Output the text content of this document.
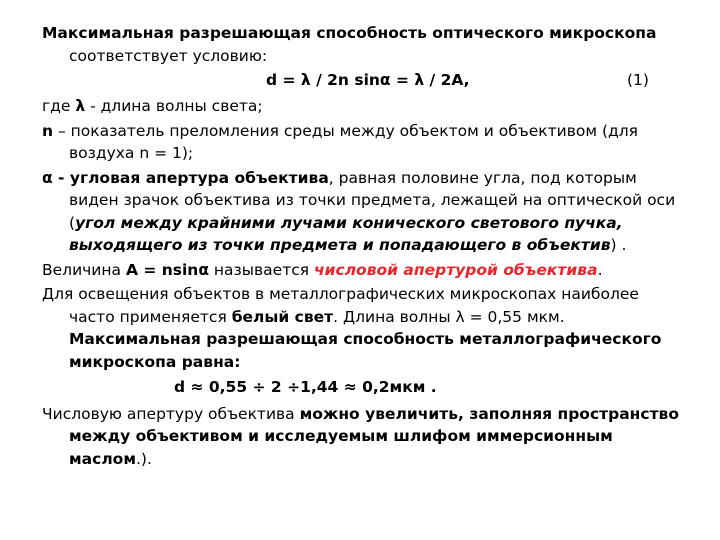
Максимальная разрешающая способность оптического микроскопа соответствует условию:

d = λ / 2n sinα = λ / 2A,	(1)

где λ - длина волны света;

n – показатель преломления среды между объектом и объективом (для воздуха n = 1);

α - угловая апертура объектива, равная половине угла, под которым виден зрачок объектива из точки предмета, лежащей на оптической оси (угол между крайними лучами конического светового пучка, выходящего из точки предмета и попадающего в объектив) .

Величина A = nsinα называется числовой апертурой объектива.

Для освещения объектов в металлографических микроскопах наиболее часто применяется белый свет. Длина волны λ = 0,55 мкм. Максимальная разрешающая способность металлографического микроскопа равна:

d ≈ 0,55 ÷ 2 ÷1,44 ≈ 0,2мкм .

Числовую апертуру объектива можно увеличить, заполняя пространство между объективом и исследуемым шлифом иммерсионным маслом.).
